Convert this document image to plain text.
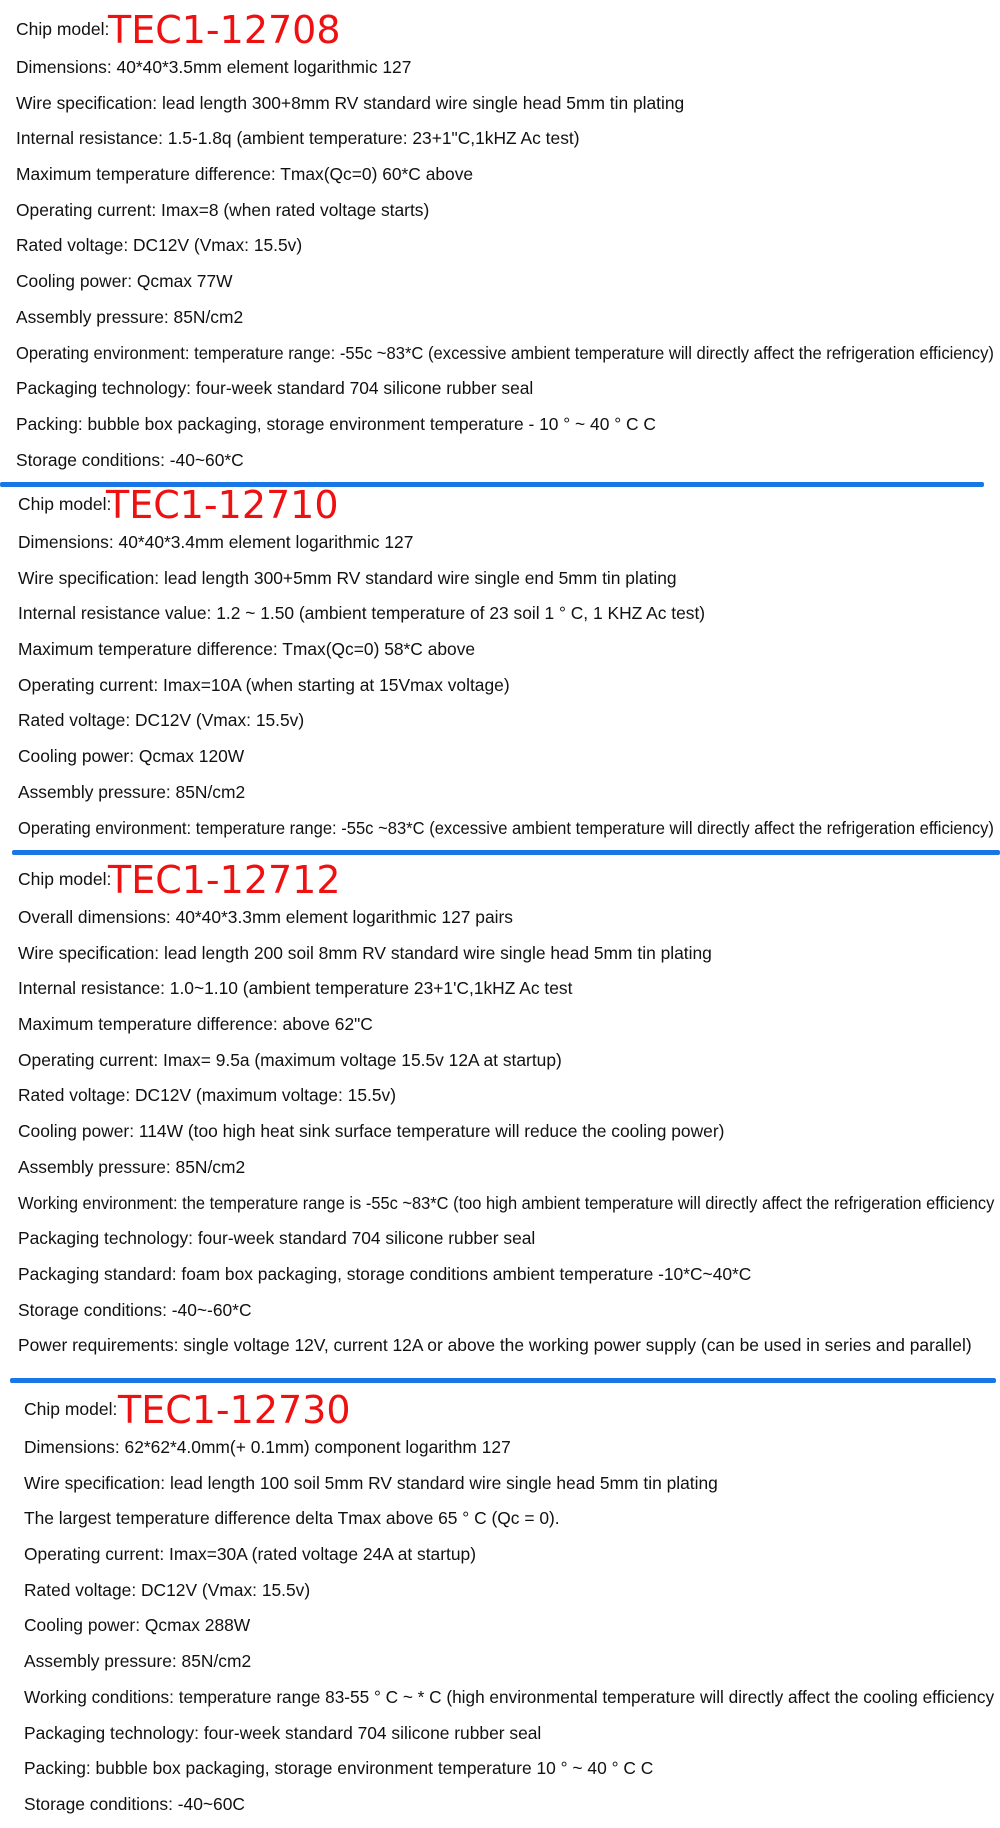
Chip model:
TEC1-12708
Dimensions: 40*40*3.5mm element logarithmic 127
Wire specification: lead length 300+8mm RV standard wire single head 5mm tin plating
Internal resistance: 1.5-1.8q (ambient temperature: 23+1"C,1kHZ Ac test)
Maximum temperature difference: Tmax(Qc=0) 60*C above
Operating current: Imax=8 (when rated voltage starts)
Rated voltage: DC12V (Vmax: 15.5v)
Cooling power: Qcmax 77W
Assembly pressure: 85N/cm2
Operating environment: temperature range: -55c ~83*C (excessive ambient temperature will directly affect the refrigeration efficiency)
Packaging technology: four-week standard 704 silicone rubber seal
Packing: bubble box packaging, storage environment temperature - 10 ° ~ 40 ° C C
Storage conditions: -40~60*C
Chip model:
TEC1-12710
Dimensions: 40*40*3.4mm element logarithmic 127
Wire specification: lead length 300+5mm RV standard wire single end 5mm tin plating
Internal resistance value: 1.2 ~ 1.50 (ambient temperature of 23 soil 1 ° C, 1 KHZ Ac test)
Maximum temperature difference: Tmax(Qc=0) 58*C above
Operating current: Imax=10A (when starting at 15Vmax voltage)
Rated voltage: DC12V (Vmax: 15.5v)
Cooling power: Qcmax 120W
Assembly pressure: 85N/cm2
Operating environment: temperature range: -55c ~83*C (excessive ambient temperature will directly affect the refrigeration efficiency)
Chip model:
TEC1-12712
Overall dimensions: 40*40*3.3mm element logarithmic 127 pairs
Wire specification: lead length 200 soil 8mm RV standard wire single head 5mm tin plating
Internal resistance: 1.0~1.10 (ambient temperature 23+1'C,1kHZ Ac test
Maximum temperature difference: above 62"C
Operating current: Imax= 9.5a (maximum voltage 15.5v 12A at startup)
Rated voltage: DC12V (maximum voltage: 15.5v)
Cooling power: 114W (too high heat sink surface temperature will reduce the cooling power)
Assembly pressure: 85N/cm2
Working environment: the temperature range is -55c ~83*C (too high ambient temperature will directly affect the refrigeration efficiency
Packaging technology: four-week standard 704 silicone rubber seal
Packaging standard: foam box packaging, storage conditions ambient temperature -10*C~40*C
Storage conditions: -40~-60*C
Power requirements: single voltage 12V, current 12A or above the working power supply (can be used in series and parallel)
Chip model: TEC1-12730
Dimensions: 62*62*4.0mm(+ 0.1mm) component logarithm 127
Wire specification: lead length 100 soil 5mm RV standard wire single head 5mm tin plating
The largest temperature difference delta Tmax above 65 ° C (Qc = 0).
Operating current: Imax=30A (rated voltage 24A at startup)
Rated voltage: DC12V (Vmax: 15.5v)
Cooling power: Qcmax 288W
Assembly pressure: 85N/cm2
Working conditions: temperature range 83-55 ° C ~ * C (high environmental temperature will directly affect the cooling efficiency
Packaging technology: four-week standard 704 silicone rubber seal
Packing: bubble box packaging, storage environment temperature 10 ° ~ 40 ° C C
Storage conditions: -40~60C
